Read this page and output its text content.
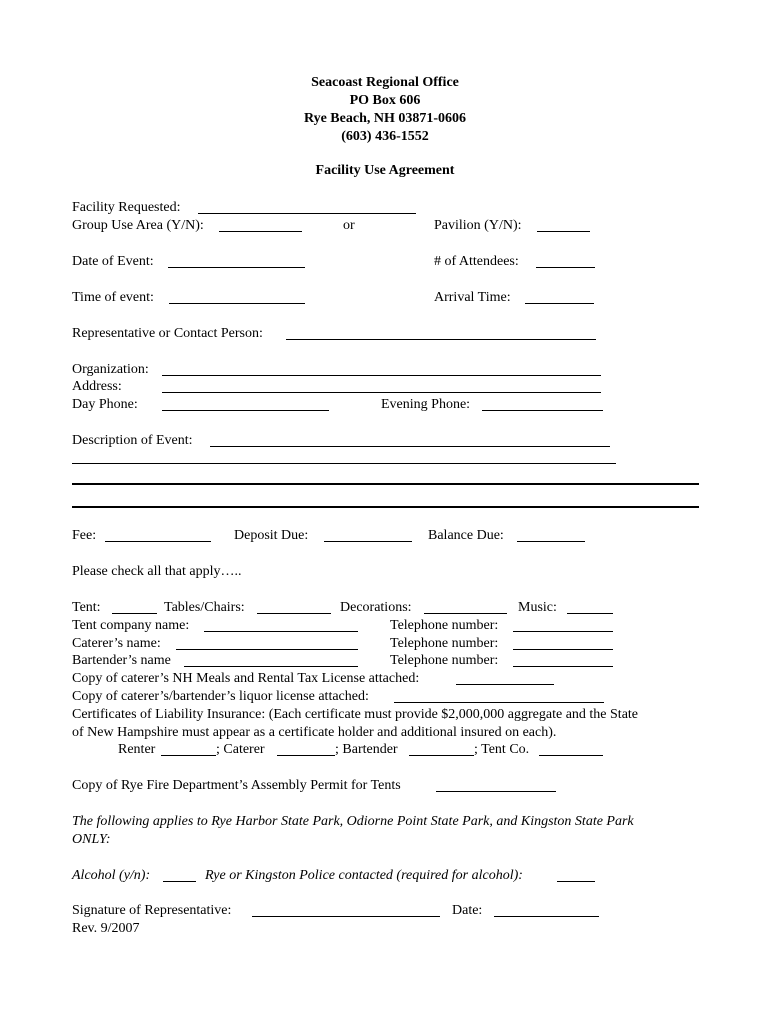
Seacoast Regional Office
PO Box 606
Rye Beach, NH 03871-0606
(603) 436-1552
Facility Use Agreement
Facility Requested:
Group Use Area (Y/N):	or	Pavilion (Y/N):
Date of Event:	# of Attendees:
Time of event:	Arrival Time:
Representative or Contact Person:
Organization:
Address:
Day Phone:	Evening Phone:
Description of Event:
Fee:	Deposit Due:	Balance Due:
Please check all that apply…..
Tent:	Tables/Chairs:	Decorations:	Music:
Tent company name:	Telephone number:
Caterer’s name:	Telephone number:
Bartender’s name	Telephone number:
Copy of caterer’s NH Meals and Rental Tax License attached:
Copy of caterer’s/bartender’s liquor license attached:
Certificates of Liability Insurance: (Each certificate must provide $2,000,000 aggregate and the State
of New Hampshire must appear as a certificate holder and additional insured on each).
Renter	; Caterer	; Bartender	; Tent Co.
Copy of Rye Fire Department’s Assembly Permit for Tents
The following applies to Rye Harbor State Park, Odiorne Point State Park, and Kingston State Park
ONLY:
Alcohol (y/n):	Rye or Kingston Police contacted (required for alcohol):
Signature of Representative:	Date:
Rev. 9/2007
